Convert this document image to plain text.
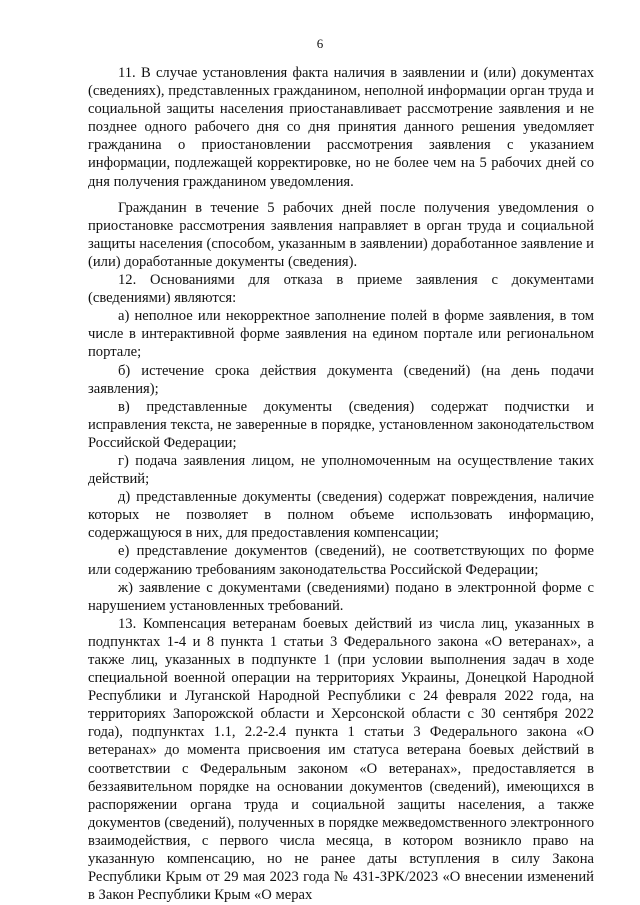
6

11. В случае установления факта наличия в заявлении и (или) документах (сведениях), представленных гражданином, неполной информации орган труда и социальной защиты населения приостанавливает рассмотрение заявления и не позднее одного рабочего дня со дня принятия данного решения уведомляет гражданина о приостановлении рассмотрения заявления с указанием информации, подлежащей корректировке, но не более чем на 5 рабочих дней со дня получения гражданином уведомления.

Гражданин в течение 5 рабочих дней после получения уведомления о приостановке рассмотрения заявления направляет в орган труда и социальной защиты населения (способом, указанным в заявлении) доработанное заявление и (или) доработанные документы (сведения).

12. Основаниями для отказа в приеме заявления с документами (сведениями) являются:

а) неполное или некорректное заполнение полей в форме заявления, в том числе в интерактивной форме заявления на едином портале или региональном портале;

б) истечение срока действия документа (сведений) (на день подачи заявления);

в) представленные документы (сведения) содержат подчистки и исправления текста, не заверенные в порядке, установленном законодательством Российской Федерации;

г) подача заявления лицом, не уполномоченным на осуществление таких действий;

д) представленные документы (сведения) содержат повреждения, наличие которых не позволяет в полном объеме использовать информацию, содержащуюся в них, для предоставления компенсации;

е) представление документов (сведений), не соответствующих по форме или содержанию требованиям законодательства Российской Федерации;

ж) заявление с документами (сведениями) подано в электронной форме с нарушением установленных требований.

13. Компенсация ветеранам боевых действий из числа лиц, указанных в подпунктах 1-4 и 8 пункта 1 статьи 3 Федерального закона «О ветеранах», а также лиц, указанных в подпункте 1 (при условии выполнения задач в ходе специальной военной операции на территориях Украины, Донецкой Народной Республики и Луганской Народной Республики с 24 февраля 2022 года, на территориях Запорожской области и Херсонской области с 30 сентября 2022 года), подпунктах 1.1, 2.2-2.4 пункта 1 статьи 3 Федерального закона «О ветеранах» до момента присвоения им статуса ветерана боевых действий в соответствии с Федеральным законом «О ветеранах», предоставляется в беззаявительном порядке на основании документов (сведений), имеющихся в распоряжении органа труда и социальной защиты населения, а также документов (сведений), полученных в порядке межведомственного электронного взаимодействия, с первого числа месяца, в котором возникло право на указанную компенсацию, но не ранее даты вступления в силу Закона Республики Крым от 29 мая 2023 года № 431-ЗРК/2023 «О внесении изменений в Закон Республики Крым «О мерах
